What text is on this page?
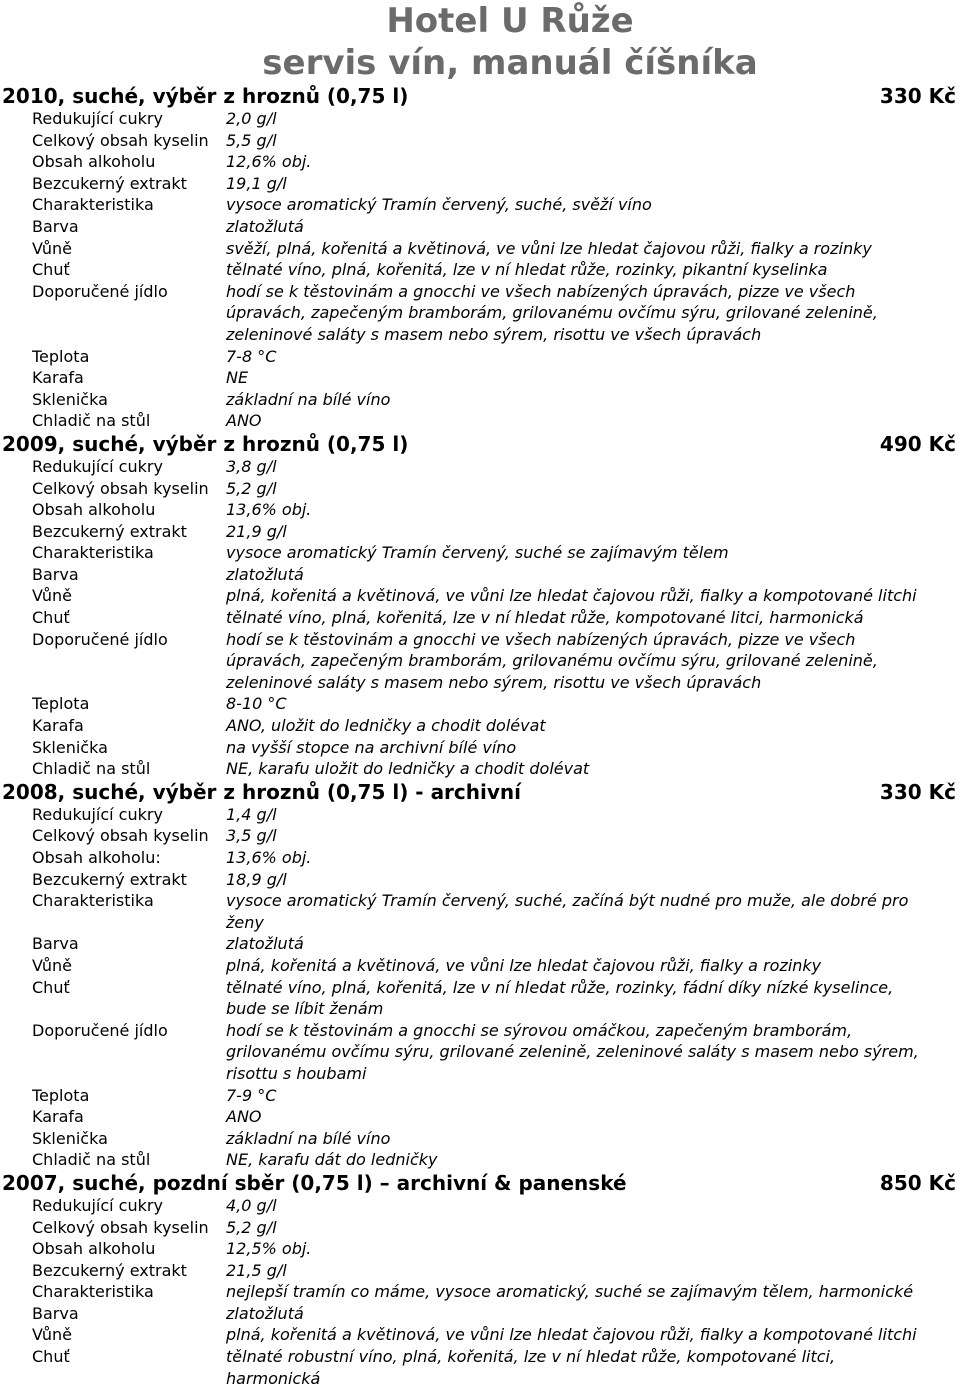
Hotel U Růže
servis vín, manuál číšníka
2010, suché, výběr z hroznů (0,75 l)	330 Kč
Redukující cukry	2,0 g/l
Celkový obsah kyselin	5,5 g/l
Obsah alkoholu	12,6% obj.
Bezcukerný extrakt	19,1 g/l
Charakteristika	vysoce aromatický Tramín červený, suché, svěží víno
Barva	zlatožlutá
Vůně	svěží, plná, kořenitá a květinová, ve vůni lze hledat čajovou růži, fialky a rozinky
Chuť	tělnaté víno, plná, kořenitá, lze v ní hledat růže, rozinky, pikantní kyselinka
Doporučené jídlo	hodí se k těstovinám a gnocchi ve všech nabízených úpravách, pizze ve všech úpravách, zapečeným bramborám, grilovanému ovčímu sýru, grilované zelenině, zeleninové saláty s masem nebo sýrem, risottu ve všech úpravách
Teplota	7-8 °C
Karafa	NE
Sklenička	základní na bílé víno
Chladič na stůl	ANO
2009, suché, výběr z hroznů (0,75 l)	490 Kč
Redukující cukry	3,8 g/l
Celkový obsah kyselin	5,2 g/l
Obsah alkoholu	13,6% obj.
Bezcukerný extrakt	21,9 g/l
Charakteristika	vysoce aromatický Tramín červený, suché se zajímavým tělem
Barva	zlatožlutá
Vůně	plná, kořenitá a květinová, ve vůni lze hledat čajovou růži, fialky a kompotované litchi
Chuť	tělnaté víno, plná, kořenitá, lze v ní hledat růže, kompotované litci, harmonická
Doporučené jídlo	hodí se k těstovinám a gnocchi ve všech nabízených úpravách, pizze ve všech úpravách, zapečeným bramborám, grilovanému ovčímu sýru, grilované zelenině, zeleninové saláty s masem nebo sýrem, risottu ve všech úpravách
Teplota	8-10 °C
Karafa	ANO, uložit do ledničky a chodit dolévat
Sklenička	na vyšší stopce na archivní bílé víno
Chladič na stůl	NE, karafu uložit do ledničky a chodit dolévat
2008, suché, výběr z hroznů (0,75 l) - archivní	330 Kč
Redukující cukry	1,4 g/l
Celkový obsah kyselin	3,5 g/l
Obsah alkoholu:	13,6% obj.
Bezcukerný extrakt	18,9 g/l
Charakteristika	vysoce aromatický Tramín červený, suché, začíná být nudné pro muže, ale dobré pro ženy
Barva	zlatožlutá
Vůně	plná, kořenitá a květinová, ve vůni lze hledat čajovou růži, fialky a rozinky
Chuť	tělnaté víno, plná, kořenitá, lze v ní hledat růže, rozinky, fádní díky nízké kyselince, bude se líbit ženám
Doporučené jídlo	hodí se k těstovinám a gnocchi se sýrovou omáčkou, zapečeným bramborám, grilovanému ovčímu sýru, grilované zelenině, zeleninové saláty s masem nebo sýrem, risottu s houbami
Teplota	7-9 °C
Karafa	ANO
Sklenička	základní na bílé víno
Chladič na stůl	NE, karafu dát do ledničky
2007, suché, pozdní sběr (0,75 l) – archivní & panenské	850 Kč
Redukující cukry	4,0 g/l
Celkový obsah kyselin	5,2 g/l
Obsah alkoholu	12,5% obj.
Bezcukerný extrakt	21,5 g/l
Charakteristika	nejlepší tramín co máme, vysoce aromatický, suché se zajímavým tělem, harmonické
Barva	zlatožlutá
Vůně	plná, kořenitá a květinová, ve vůni lze hledat čajovou růži, fialky a kompotované litchi
Chuť	tělnaté robustní víno, plná, kořenitá, lze v ní hledat růže, kompotované litci, harmonická
